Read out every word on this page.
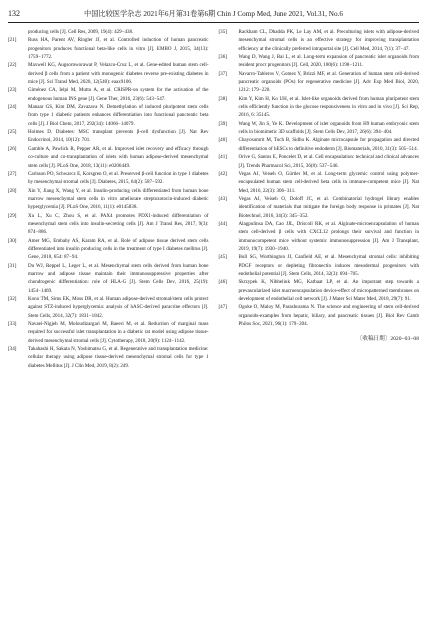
132	中国比较医学杂志 2021年6月第31卷第6期 Chin J Comp Med, June 2021, Vol.31, No.6
producing cells [J]. Cell Res, 2009, 19(4): 429−438.
[21]	Russ HA, Parent AV, Ringler JJ, et al. Controlled induction of human pancreatic progenitors produces functional beta-like cells in vitro [J]. EMBO J, 2015, 34(13): 1759−1772.
[22]	Maxwell KG, Augsornworawat P, Velazco-Cruz L, et al. Gene-edited human stem cell-derived β cells from a patient with monogenic diabetes reverse pre-existing diabetes in mice [J]. Sci Transl Med, 2020, 12(540): eaax9106.
[23]	Giménez CA, Ielpi M, Mutto A, et al. CRISPR-on system for the activation of the endogenous human INS gene [J]. Gene Ther, 2016, 23(6): 543−547.
[24]	Manaar GS, Kim DM, Zavazava N. Demethylation of induced pluripotent stem cells from type 1 diabetic patients enhances differentiation into functional pancreatic beta cells [J]. J Biol Chem, 2017, 292(34): 14066−14079.
[25]	Holmes D. Diabetes: MSC transplant prevents β-cell dysfunction [J]. Nat Rev Endocrinol, 2014, 10(12): 701.
[26]	Gamble A, Pawlick R, Pepper AR, et al. Improved islet recovery and efficacy through co-culture and co-transplantation of islets with human adipose-derived mesenchymal stem cells [J]. PLoS One, 2018, 13(11): e0206449.
[27]	Carlsson PO, Schwarcz E, Korsgren O, et al. Preserved β-cell function in type 1 diabetes by mesenchymal stromal cells [J]. Diabetes, 2015, 64(2): 587−592.
[28]	Xin Y, Jiang X, Wang Y, et al. Insulin-producing cells differentiated from human bone marrow mesenchymal stem cells in vitro ameliorate streptozotocin-induced diabetic hyperglycemia [J]. PLoS One, 2016, 11(1): e0145838.
[29]	Xu L, Xu C, Zhou S, et al. PAX4 promotes PDX1-induced differentiation of mesenchymal stem cells into insulin-secreting cells [J]. Am J Transl Res, 2017, 9(3): 874−886.
[30]	Amer MG, Embaby AS, Karam RA, et al. Role of adipose tissue derived stem cells differentiated into insulin producing cells in the treatment of type I diabetes mellitus [J]. Gene, 2018, 654: 87−94.
[31]	Du WJ, Reppel L, Leger L, et al. Mesenchymal stem cells derived from human bone marrow and adipose tissue maintain their immunosuppressive properties after chondrogenic differentiation: role of HLA-G [J]. Stem Cells Dev, 2016, 25(19): 1454−1469.
[32]	Kono TM, Sims EK, Moss DR, et al. Human adipose-derived stromal/stem cells protect against STZ-induced hyperglycemia: analysis of hASC-derived paracrine effectors [J]. Stem Cells, 2014, 32(7): 1831−1842.
[33]	Navaei-Nigjeh M, Moloudizargari M, Baeeri M, et al. Reduction of marginal mass required for successful islet transplantation in a diabetic rat model using adipose tissue-derived mesenchymal stromal cells [J]. Cytotherapy, 2018, 20(9): 1124−1142.
[34]	Takahashi H, Sakata N, Yoshimatsu G, et al. Regenerative and transplantation medicine: cellular therapy using adipose tissue-derived mesenchymal stromal cells for type 1 diabetes Mellitus [J]. J Clin Med, 2019, 8(2): 249.
[35]	Rackham CL, Dhadda PK, Le Lay AM, et al. Preculturing islets with adipose-derived mesenchymal stromal cells is an effective strategy for improving transplantation efficiency at the clinically preferred intraportal site [J]. Cell Med, 2014, 7(1): 37−47.
[36]	Wang D, Wang J, Bai L, et al. Long-term expansion of pancreatic islet organoids from resident procr progenitors [J]. Cell, 2020, 180(6): 1198−1211.
[37]	Navarro-Tableros V, Gomez Y, Brizzi MF, et al. Generation of human stem cell-derived pancreatic organoids (POs) for regenerative medicine [J]. Adv Exp Med Biol, 2020, 1212: 179−220.
[38]	Kim Y, Kim H, Ko UH, et al. Islet-like organoids derived from human pluripotent stem cells efficiently function in the glucose responsiveness in vitro and in vivo [J]. Sci Rep, 2016, 6: 35145.
[39]	Wang W, Jin S, Ye K. Development of islet organoids from H9 human embryonic stem cells in biomimetic 3D scaffolds [J]. Stem Cells Dev, 2017, 26(6): 394−404.
[40]	Chayosumrit M, Tuch B, Sidhu K. Alginate microcapsule for propagation and directed differentiation of hESCs to definitive endoderm [J]. Biomaterials, 2010, 31(3): 505−514.
[41]	Orive G, Santos E, Poncelet D, et al. Cell encapsulation: technical and clinical advances [J]. Trends Pharmacol Sci, 2015, 36(8): 537−546.
[42]	Vegas AJ, Veiseh O, Gürtler M, et al. Long-term glycemic control using polymer-encapsulated human stem cell-derived beta cells in immune-competent mice [J]. Nat Med, 2016, 22(3): 306−311.
[43]	Vegas AJ, Veiseh O, Doloff JC, et al. Combinatorial hydrogel library enables identification of materials that mitigate the foreign body response in primates [J]. Nat Biotechnol, 2016, 34(3): 345−352.
[44]	Alagpulinsa DA, Cao JJL, Driscoll RK, et al. Alginate-microencapsulation of human stem cell-derived β cells with CXCL12 prolongs their survival and function in immunocompetent mice without systemic immunosuppression [J]. Am J Transplant, 2019, 19(7): 1930−1940.
[45]	Bull SG, Worthington JJ, Canfield AE, et al. Mesenchymal stromal cells: inhibiting PDGF receptors or depleting fibronectin induces mesodermal progenitors with endothelial potential [J]. Stem Cells, 2014, 32(3): 694−705.
[46]	Skrzypek K, Nibbelink MG, Karbaat LP, et al. An important step towards a prevascularized islet macroencapsulation device-effect of micropatterned membranes on development of endothelial cell network [J]. J Mater Sci Mater Med, 2018, 29(7): 91.
[47]	Ogoke O, Maloy M, Parashurama N. The science and engineering of stem cell-derived organoids-examples from hepatic, biliary, and pancreatic tissues [J]. Biol Rev Camb Philos Soc, 2021, 96(1): 179−204.
〔收稿日期〕2020−03−08
